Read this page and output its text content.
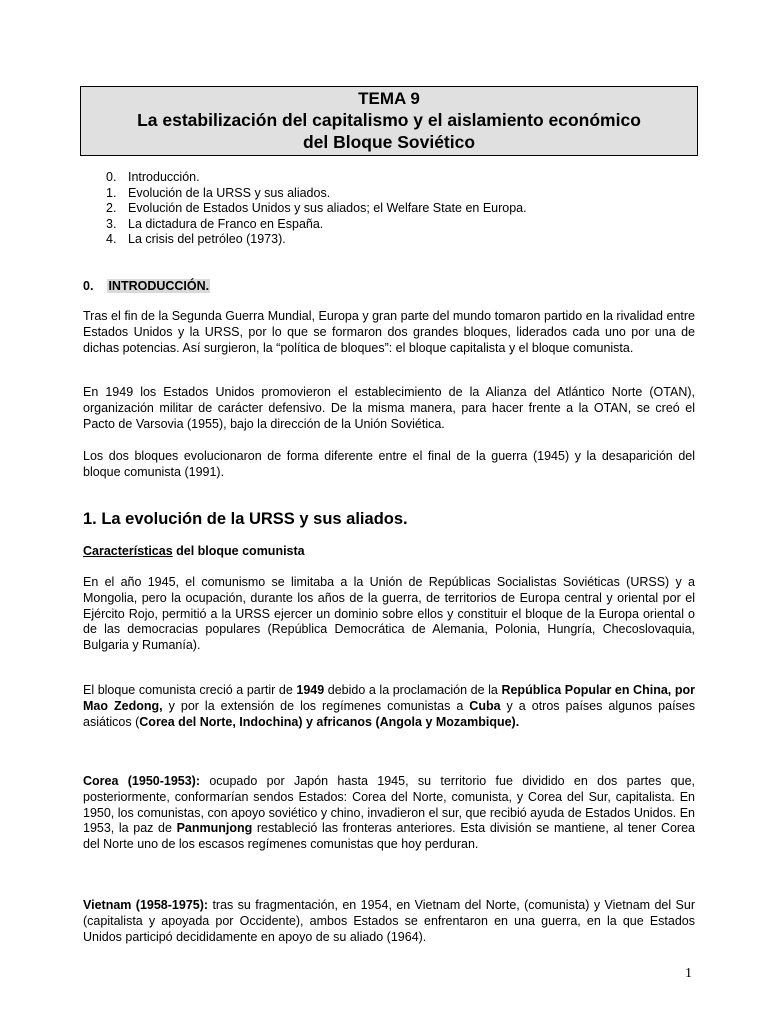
TEMA 9
La estabilización del capitalismo y el aislamiento económico
del Bloque Soviético
0. Introducción.
1. Evolución de la URSS y sus aliados.
2. Evolución de Estados Unidos y sus aliados; el Welfare State en Europa.
3. La dictadura de Franco en España.
4. La crisis del petróleo (1973).
0. INTRODUCCIÓN.

Tras el fin de la Segunda Guerra Mundial, Europa y gran parte del mundo tomaron partido en la rivalidad entre Estados Unidos y la URSS, por lo que se formaron dos grandes bloques, liderados cada uno por una de dichas potencias. Así surgieron, la “política de bloques”: el bloque capitalista y el bloque comunista.

En 1949 los Estados Unidos promovieron el establecimiento de la Alianza del Atlántico Norte (OTAN), organización militar de carácter defensivo. De la misma manera, para hacer frente a la OTAN, se creó el Pacto de Varsovia (1955), bajo la dirección de la Unión Soviética.

Los dos bloques evolucionaron de forma diferente entre el final de la guerra (1945) y la desaparición del bloque comunista (1991).

1. La evolución de la URSS y sus aliados.
Características del bloque comunista

En el año 1945, el comunismo se limitaba a la Unión de Repúblicas Socialistas Soviéticas (URSS) y a Mongolia, pero la ocupación, durante los años de la guerra, de territorios de Europa central y oriental por el Ejército Rojo, permitió a la URSS ejercer un dominio sobre ellos y constituir el bloque de la Europa oriental o de las democracias populares (República Democrática de Alemania, Polonia, Hungría, Checoslovaquia, Bulgaria y Rumanía).

El bloque comunista creció a partir de 1949 debido a la proclamación de la República Popular en China, por Mao Zedong, y por la extensión de los regímenes comunistas a Cuba y a otros países algunos países asiáticos (Corea del Norte, Indochina) y africanos (Angola y Mozambique).

Corea (1950-1953): ocupado por Japón hasta 1945, su territorio fue dividido en dos partes que, posteriormente, conformarían sendos Estados: Corea del Norte, comunista, y Corea del Sur, capitalista. En 1950, los comunistas, con apoyo soviético y chino, invadieron el sur, que recibió ayuda de Estados Unidos. En 1953, la paz de Panmunjong restableció las fronteras anteriores. Esta división se mantiene, al tener Corea del Norte uno de los escasos regímenes comunistas que hoy perduran.

Vietnam (1958-1975): tras su fragmentación, en 1954, en Vietnam del Norte, (comunista) y Vietnam del Sur (capitalista y apoyada por Occidente), ambos Estados se enfrentaron en una guerra, en la que Estados Unidos participó decididamente en apoyo de su aliado (1964).

1
